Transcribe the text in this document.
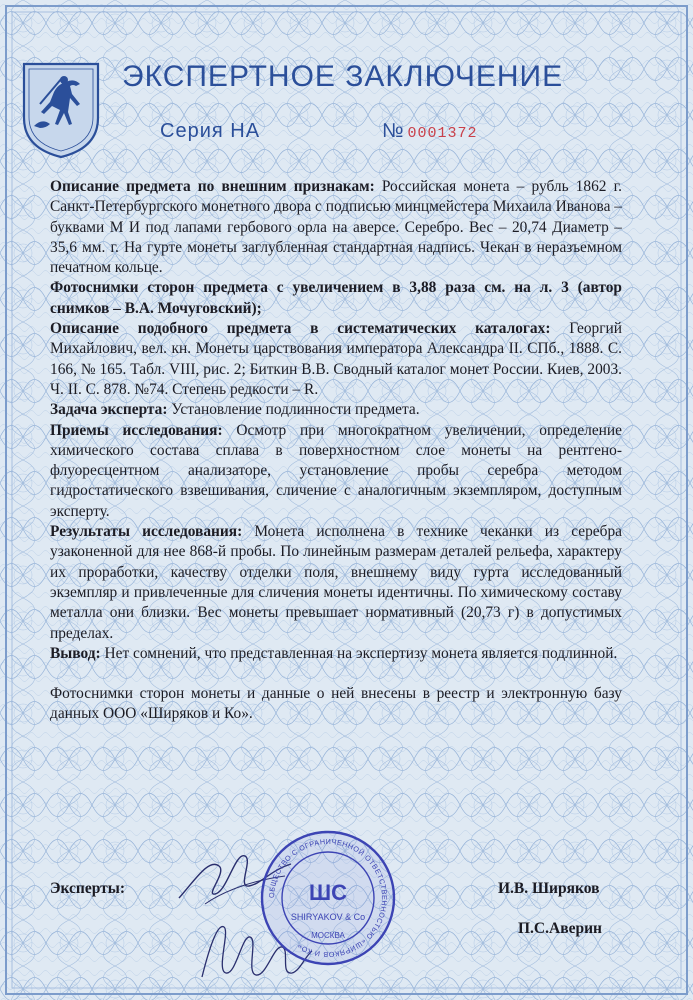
ЭКСПЕРТНОЕ ЗАКЛЮЧЕНИЕ
Серия НА	№ 0001372

Описание предмета по внешним признакам: Российская монета – рубль 1862 г. Санкт-Петербургского монетного двора с подписью минцмейстера Михаила Иванова – буквами М И под лапами гербового орла на аверсе. Серебро. Вес – 20,74 Диаметр – 35,6 мм. г. На гурте монеты заглубленная стандартная надпись. Чекан в неразъемном печатном кольце.

Фотоснимки сторон предмета с увеличением в 3,88 раза см. на л. 3 (автор снимков – В.А. Мочуговский);

Описание подобного предмета в систематических каталогах: Георгий Михайлович, вел. кн. Монеты царствования императора Александра II. СПб., 1888. С. 166, № 165. Табл. VIII, рис. 2; Биткин В.В. Сводный каталог монет России. Киев, 2003. Ч. II. С. 878. №74. Степень редкости – R.

Задача эксперта: Установление подлинности предмета.

Приемы исследования: Осмотр при многократном увеличении, определение химического состава сплава в поверхностном слое монеты на рентгено-флуоресцентном анализаторе, установление пробы серебра методом гидростатического взвешивания, сличение с аналогичным экземпляром, доступным эксперту.

Результаты исследования: Монета исполнена в технике чеканки из серебра узаконенной для нее 868-й пробы. По линейным размерам деталей рельефа, характеру их проработки, качеству отделки поля, внешнему виду гурта исследованный экземпляр и привлеченные для сличения монеты идентичны. По химическому составу металла они близки. Вес монеты превышает нормативный (20,73 г) в допустимых пределах.

Вывод: Нет сомнений, что представленная на экспертизу монета является подлинной.

Фотоснимки сторон монеты и данные о ней внесены в реестр и электронную базу данных ООО «Ширяков и Ко».

ОБЩЕСТВО С ОГРАНИЧЕННОЙ ОТВЕТСТВЕННОСТЬЮ «ШИРЯКОВ И КО»
ШС
SHIRYAKOV & Co
МОСКВА
Эксперты:	И.В. Ширяков
П.С.Аверин
